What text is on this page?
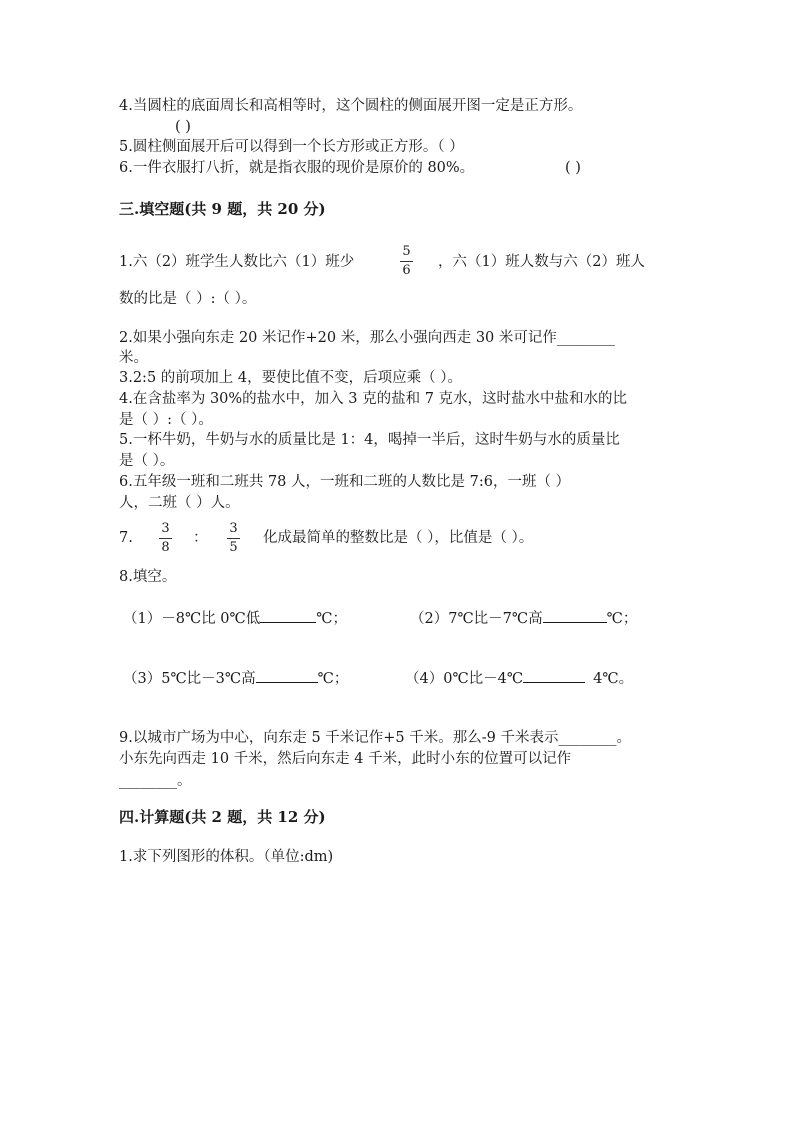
4.当圆柱的底面周长和高相等时，这个圆柱的侧面展开图一定是正方形。
( )
5.圆柱侧面展开后可以得到一个长方形或正方形。（ ）
6.一件衣服打八折，就是指衣服的现价是原价的 80%。	( )
三.填空题(共 9 题，共 20 分)
1.六（2）班学生人数比六（1）班少
5
6
，六（1）班人数与六（2）班人
数的比是（ ）:（ ）。
2.如果小强向东走 20 米记作+20 米，那么小强向西走 30 米可记作________
米。
3.2:5 的前项加上 4，要使比值不变，后项应乘（ ）。
4.在含盐率为 30%的盐水中，加入 3 克的盐和 7 克水，这时盐水中盐和水的比
是（ ）:（ ）。
5.一杯牛奶，牛奶与水的质量比是 1：4，喝掉一半后，这时牛奶与水的质量比
是（ ）。
6.五年级一班和二班共 78 人，一班和二班的人数比是 7:6，一班（ ）
人，二班（ ）人。
7.
3
8
：
3
5
化成最简单的整数比是（ ），比值是（ ）。
8.填空。
（1）－8℃比 0℃低	℃；	（2）7℃比－7℃高	℃；
（3）5℃比－3℃高	℃；	（4）0℃比－4℃	4℃。
9.以城市广场为中心，向东走 5 千米记作+5 千米。那么-9 千米表示________。
小东先向西走 10 千米，然后向东走 4 千米，此时小东的位置可以记作
________。
四.计算题(共 2 题，共 12 分)
1.求下列图形的体积。（单位:dm)
